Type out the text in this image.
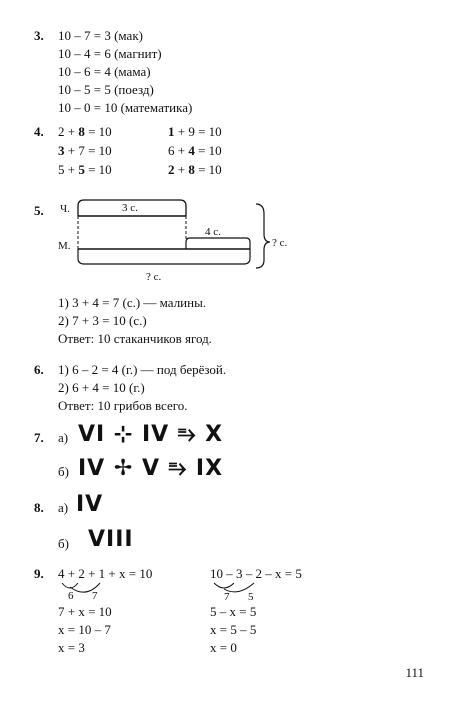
3. 10 – 7 = 3 (мак)
10 – 4 = 6 (магнит)
10 – 6 = 4 (мама)
10 – 5 = 5 (поезд)
10 – 0 = 10 (математика)
4. 2 + 8 = 10
3 + 7 = 10
5 + 5 = 10
1 + 9 = 10
6 + 4 = 10
2 + 8 = 10
5. Ч.
М.
3 с.
4 с.
? с.
? с.
1) 3 + 4 = 7 (с.) — малины.
2) 7 + 3 = 10 (с.)
Ответ: 10 стаканчиков ягод.
6. 1) 6 – 2 = 4 (г.) — под берёзой.
2) 6 + 4 = 10 (г.)
Ответ: 10 грибов всего.
7. а) VI ⊹ IV ⥱ X
б) IV ✢ V ⥱ IX
8. а) IV
б) VIII
9. 4 + 2 + 1 + x = 10
6 7
7 + x = 10
x = 10 – 7
x = 3
10 – 3 – 2 – x = 5
7 5
5 – x = 5
x = 5 – 5
x = 0
111
